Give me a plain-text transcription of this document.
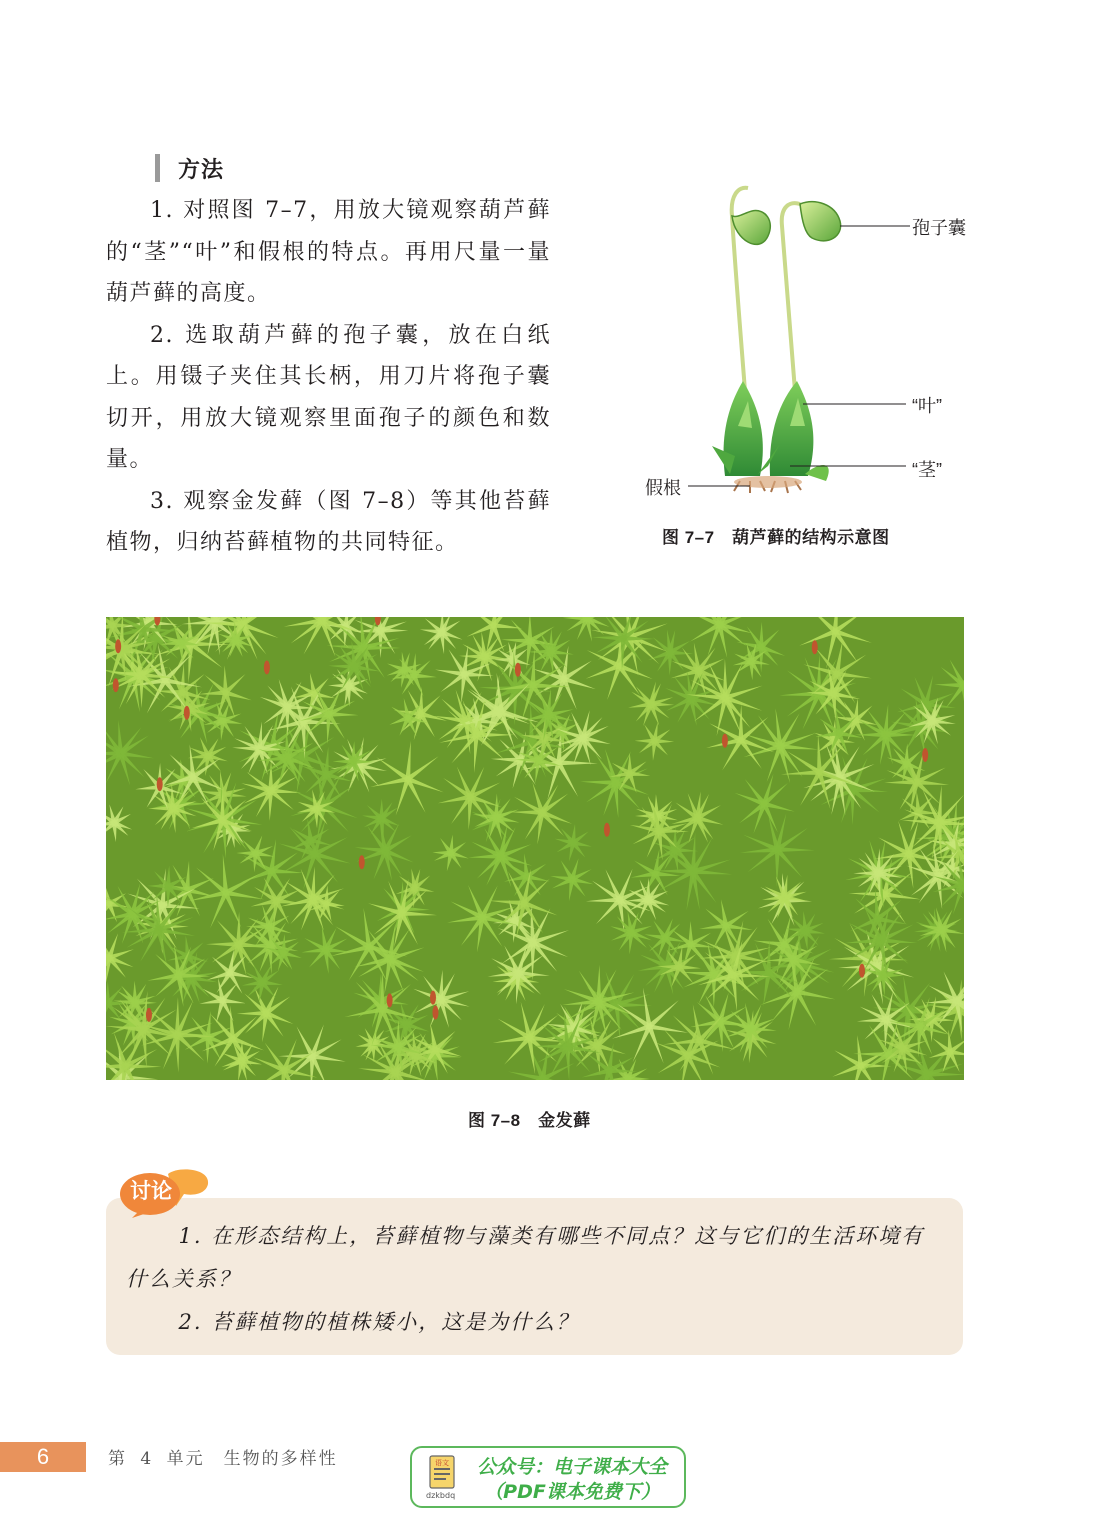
方法

1. 对照图 7–7，用放大镜观察葫芦藓的“茎”“叶”和假根的特点。再用尺量一量葫芦藓的高度。

2. 选取葫芦藓的孢子囊，放在白纸上。用镊子夹住其长柄，用刀片将孢子囊切开，用放大镜观察里面孢子的颜色和数量。

3. 观察金发藓（图 7–8）等其他苔藓植物，归纳苔藓植物的共同特征。

孢子囊
“叶”
“茎”
假根
图 7–7　葫芦藓的结构示意图
图 7–8　金发藓
讨论

1. 在形态结构上，苔藓植物与藻类有哪些不同点？这与它们的生活环境有什么关系？

2. 苔藓植物的植株矮小，这是为什么？

6	第 4 单元　生物的多样性	语文
dzkbdq
公众号：电子课本大全
（PDF课本免费下）
